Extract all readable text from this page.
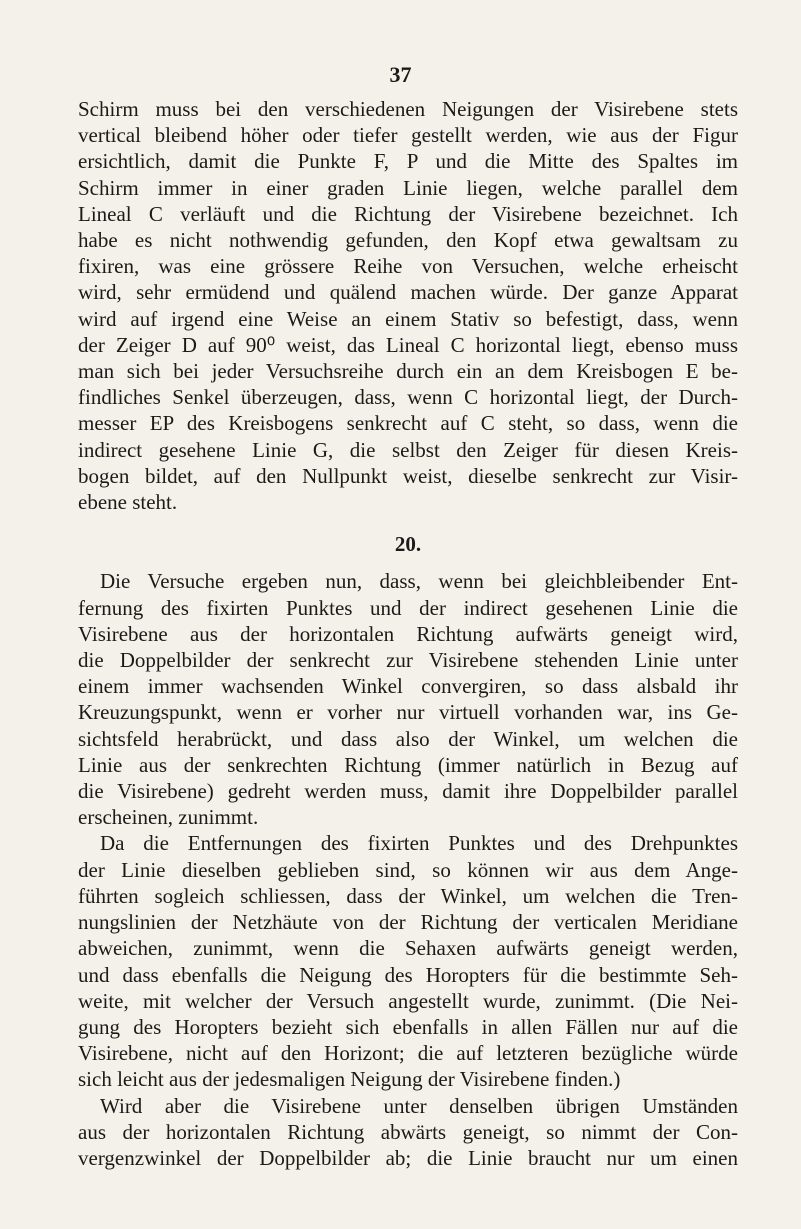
37
Schirm muss bei den verschiedenen Neigungen der Visirebene stets
vertical bleibend höher oder tiefer gestellt werden, wie aus der Figur
ersichtlich, damit die Punkte F, P und die Mitte des Spaltes im
Schirm immer in einer graden Linie liegen, welche parallel dem
Lineal C verläuft und die Richtung der Visirebene bezeichnet. Ich
habe es nicht nothwendig gefunden, den Kopf etwa gewaltsam zu
fixiren, was eine grössere Reihe von Versuchen, welche erheischt
wird, sehr ermüdend und quälend machen würde. Der ganze Apparat
wird auf irgend eine Weise an einem Stativ so befestigt, dass, wenn
der Zeiger D auf 90⁰ weist, das Lineal C horizontal liegt, ebenso muss
man sich bei jeder Versuchsreihe durch ein an dem Kreisbogen E be-
findliches Senkel überzeugen, dass, wenn C horizontal liegt, der Durch-
messer EP des Kreisbogens senkrecht auf C steht, so dass, wenn die
indirect gesehene Linie G, die selbst den Zeiger für diesen Kreis-
bogen bildet, auf den Nullpunkt weist, dieselbe senkrecht zur Visir-
ebene steht.
20.
Die Versuche ergeben nun, dass, wenn bei gleichbleibender Ent-
fernung des fixirten Punktes und der indirect gesehenen Linie die
Visirebene aus der horizontalen Richtung aufwärts geneigt wird,
die Doppelbilder der senkrecht zur Visirebene stehenden Linie unter
einem immer wachsenden Winkel convergiren, so dass alsbald ihr
Kreuzungspunkt, wenn er vorher nur virtuell vorhanden war, ins Ge-
sichtsfeld herabrückt, und dass also der Winkel, um welchen die
Linie aus der senkrechten Richtung (immer natürlich in Bezug auf
die Visirebene) gedreht werden muss, damit ihre Doppelbilder parallel
erscheinen, zunimmt.
Da die Entfernungen des fixirten Punktes und des Drehpunktes
der Linie dieselben geblieben sind, so können wir aus dem Ange-
führten sogleich schliessen, dass der Winkel, um welchen die Tren-
nungslinien der Netzhäute von der Richtung der verticalen Meridiane
abweichen, zunimmt, wenn die Sehaxen aufwärts geneigt werden,
und dass ebenfalls die Neigung des Horopters für die bestimmte Seh-
weite, mit welcher der Versuch angestellt wurde, zunimmt. (Die Nei-
gung des Horopters bezieht sich ebenfalls in allen Fällen nur auf die
Visirebene, nicht auf den Horizont; die auf letzteren bezügliche würde
sich leicht aus der jedesmaligen Neigung der Visirebene finden.)
Wird aber die Visirebene unter denselben übrigen Umständen
aus der horizontalen Richtung abwärts geneigt, so nimmt der Con-
vergenzwinkel der Doppelbilder ab; die Linie braucht nur um einen
